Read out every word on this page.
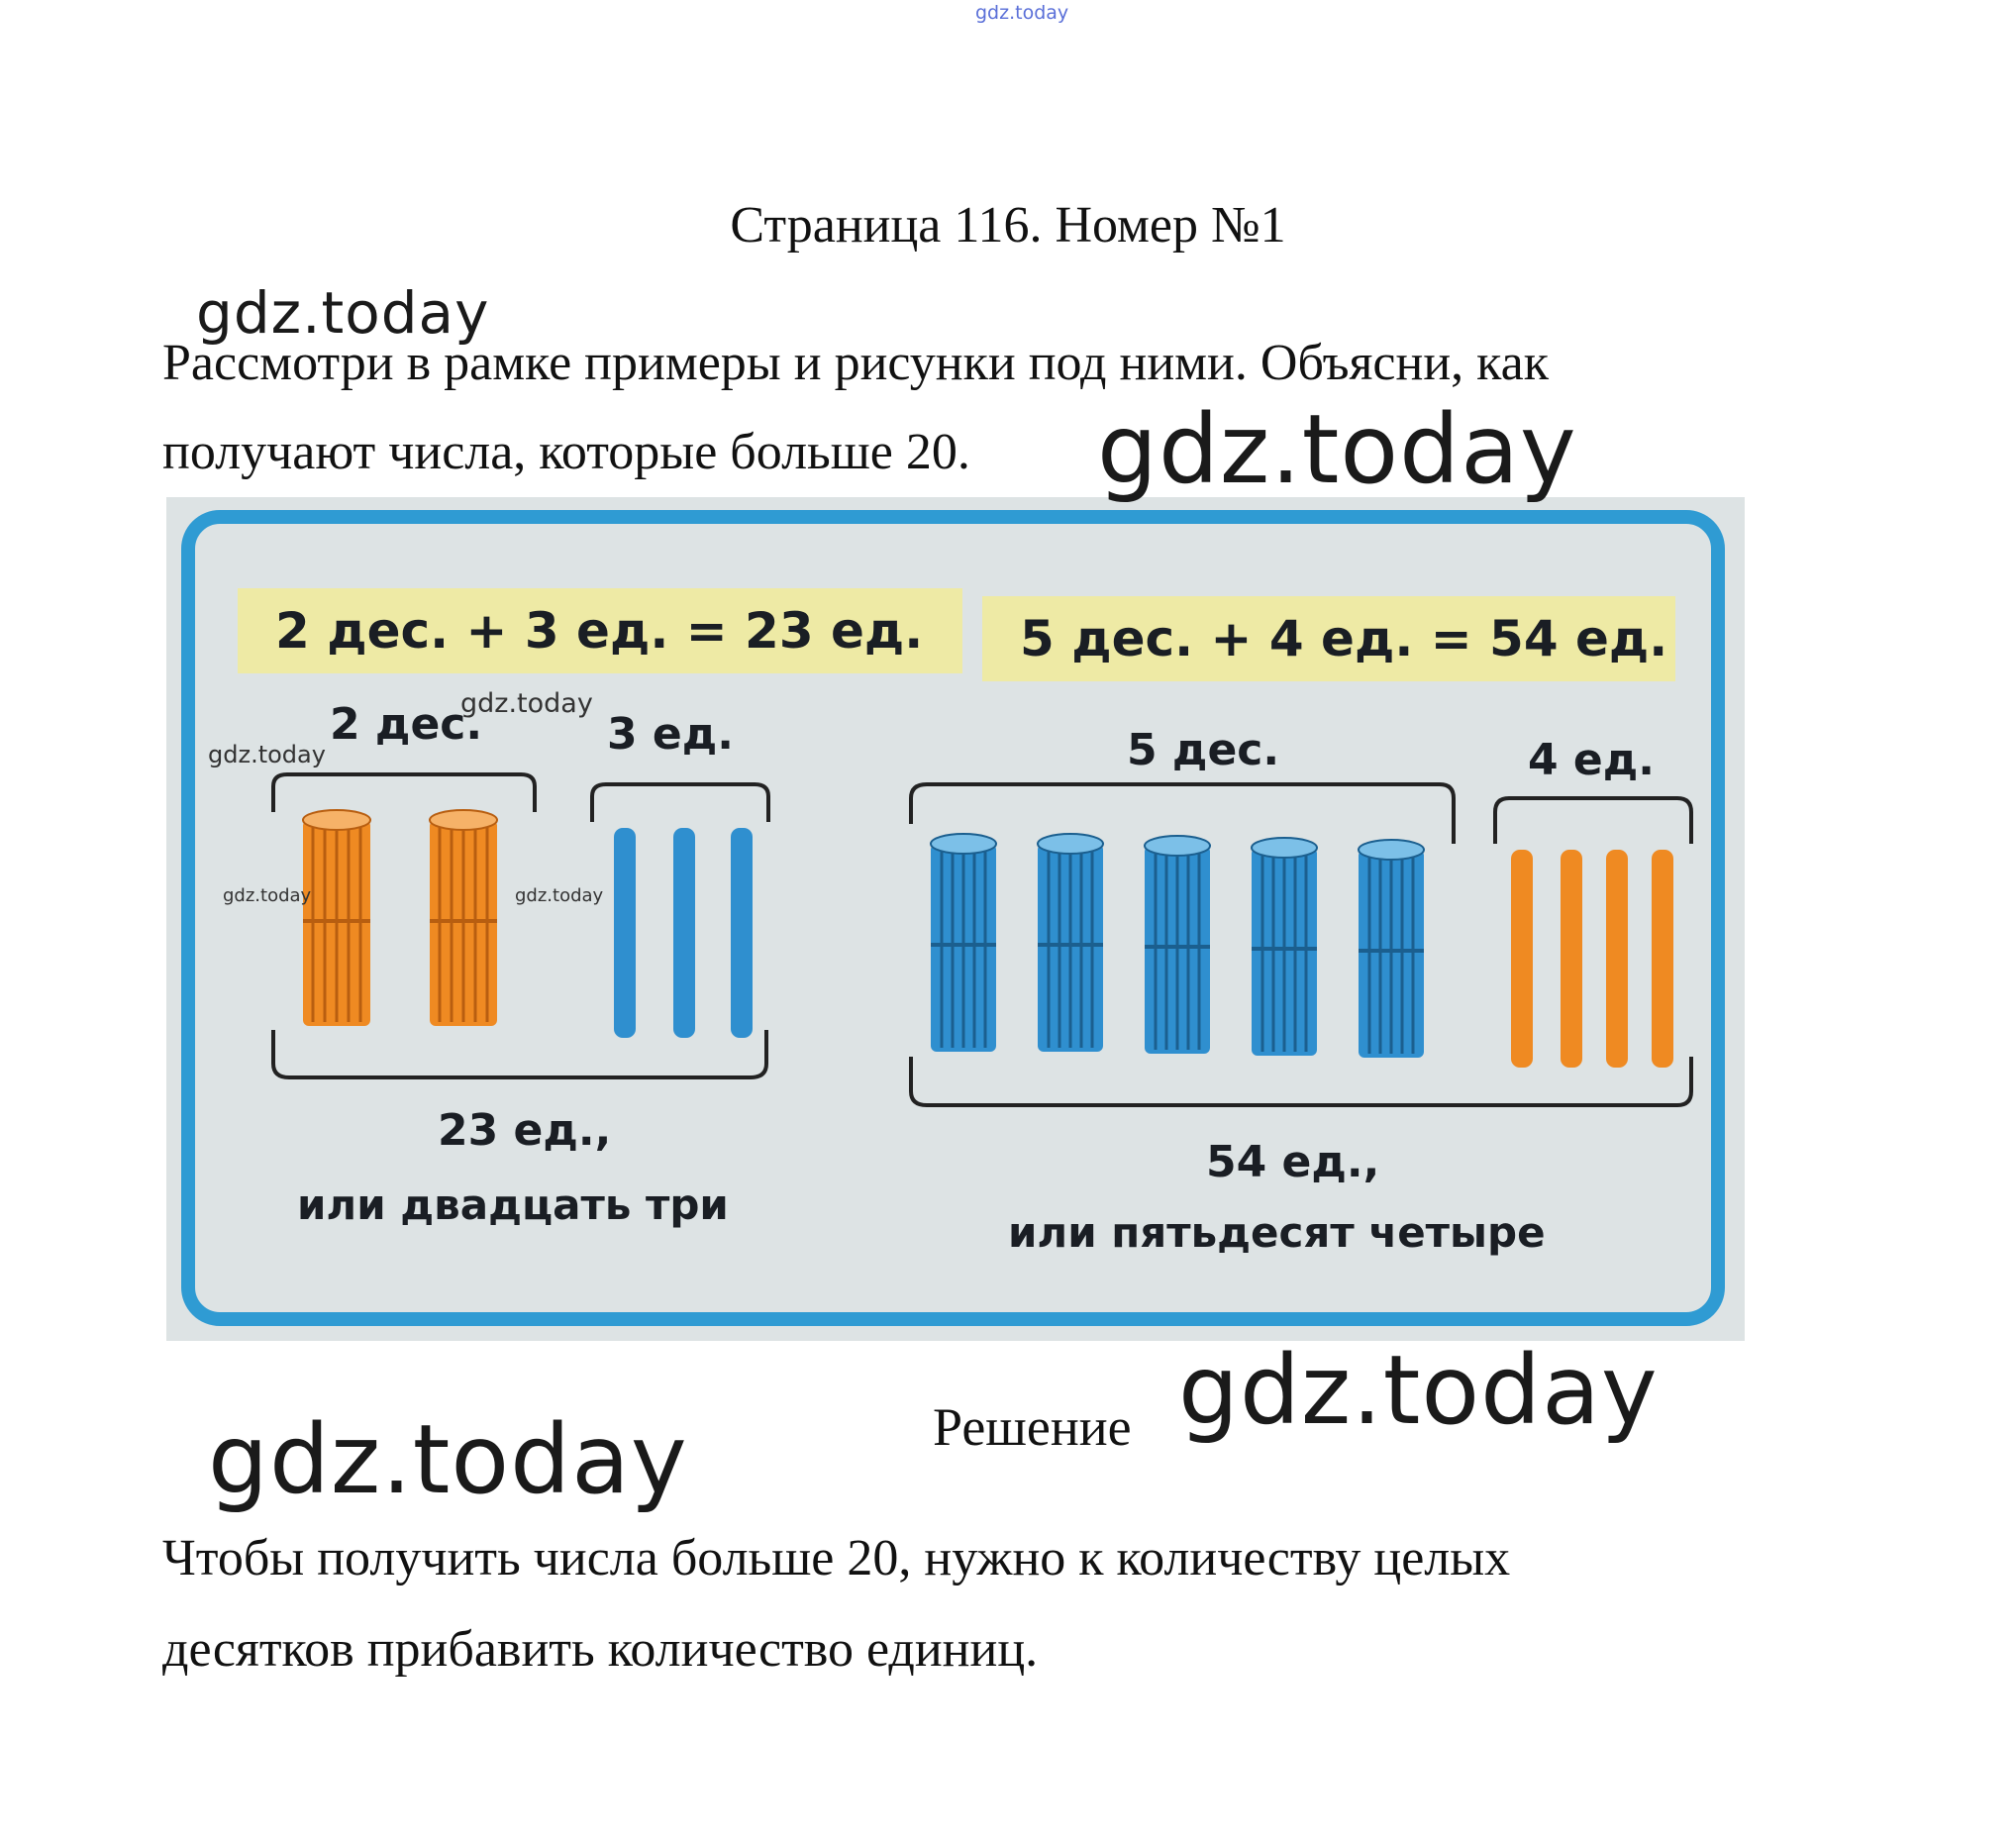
gdz.today
Страница 116. Номер №1
Рассмотри в рамке примеры и рисунки под ними. Объясни, как
получают числа, которые больше 20.
2 дес. + 3 ед. = 23 ед.	5 дес. + 4 ед. = 54 ед.
2 дес.	3 ед.	5 дес.	4 ед.
23 ед.,
или двадцать три
54 ед.,
или пятьдесят четыре
gdz.today
gdz.today
gdz.today
gdz.today
gdz.today	gdz.today
Решение gdz.today
gdz.today
Чтобы получить числа больше 20, нужно к количеству целых
десятков прибавить количество единиц.
